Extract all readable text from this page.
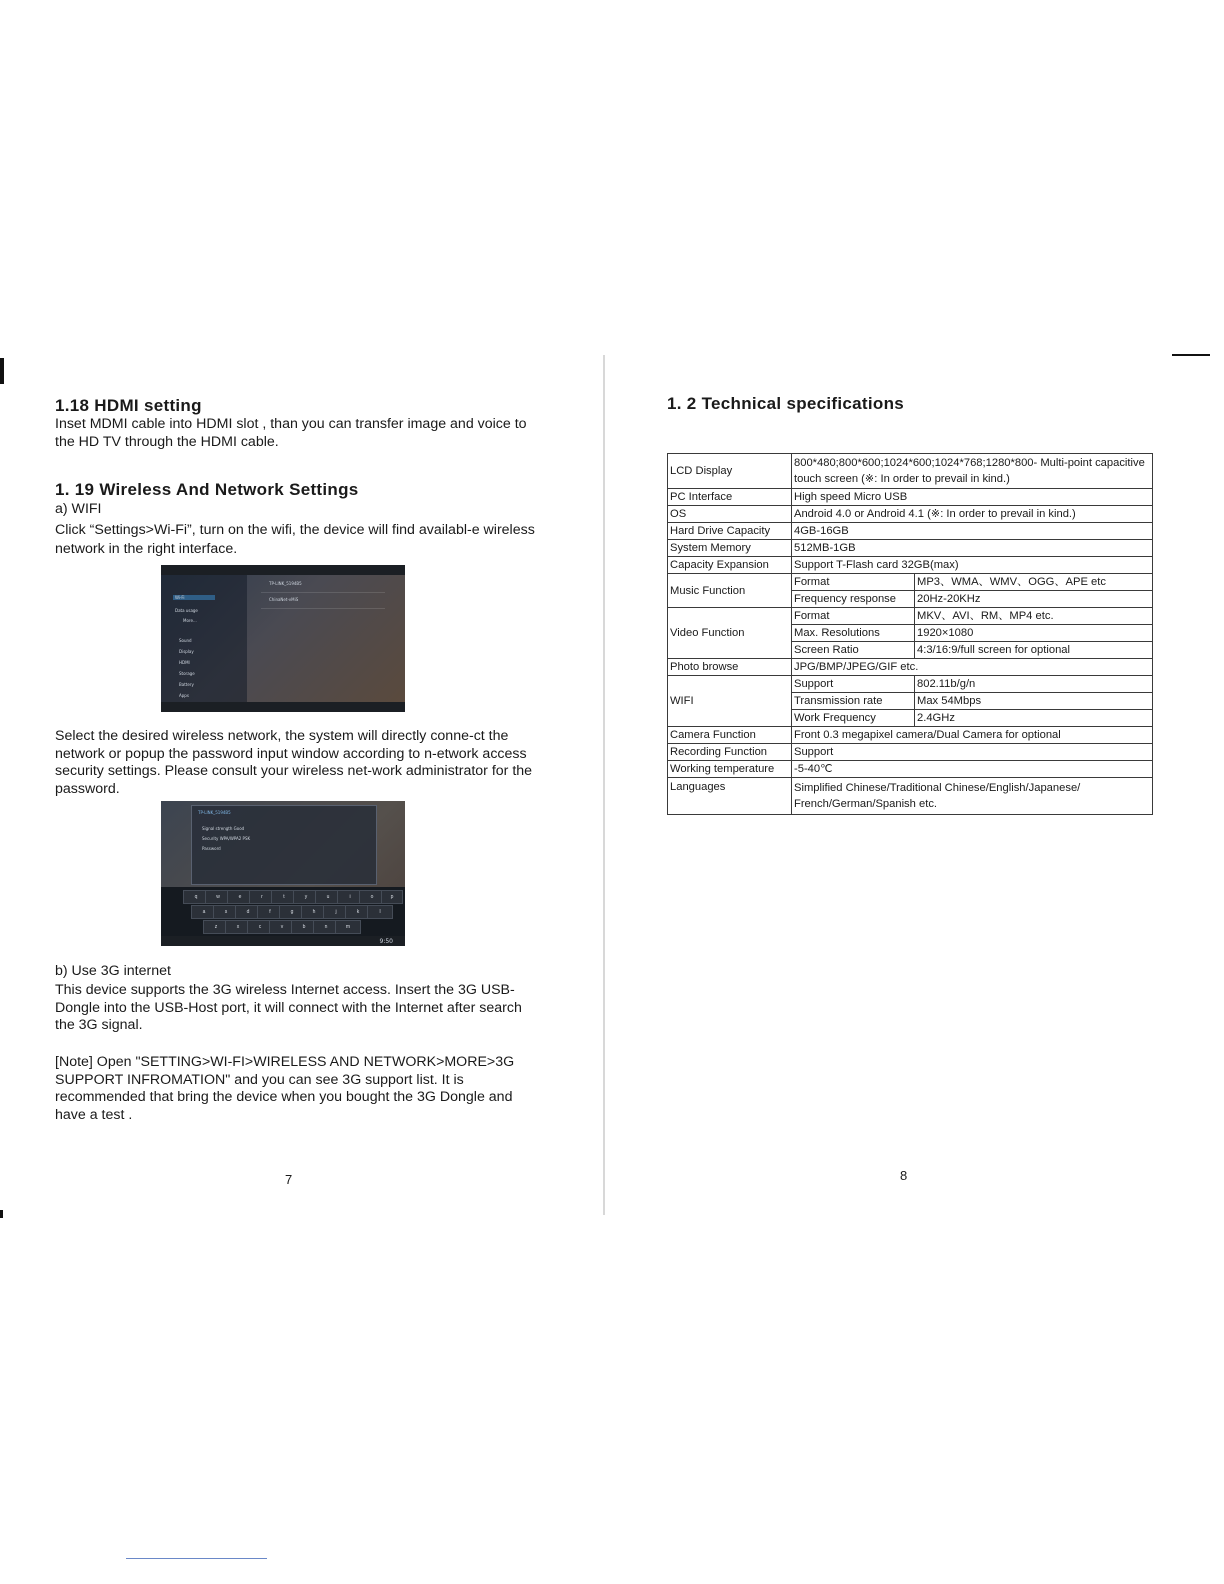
1.18 HDMI setting
Inset MDMI cable into HDMI slot , than you can transfer image and voice to the HD TV through the HDMI cable.
1. 19 Wireless And Network Settings
a) WIFI
Click “Settings>Wi-Fi”, turn on the wifi, the device will find availabl-e wireless network in the right interface.
Wi-Fi
Data usage
More...
Sound
Display
HDMI
Storage
Battery
Apps
TP-LINK_5194B5
ChinaNet-vMiS
Select the desired wireless network, the system will directly conne-ct the network or popup the password input window according to n-etwork access security settings. Please consult your wireless net-work administrator for the password.
TP-LINK_5194B5
Signal strength Good
Security WPA/WPA2 PSK
Password
q	w	e	r	t	y	u	i	o	p
a	s	d	f	g	h	j	k	l
z	x	c	v	b	n	m
9:50
b) Use 3G internet
This device supports the 3G wireless Internet access. Insert the 3G USB- Dongle into the USB-Host port, it will connect with the Internet after search the 3G signal.
[Note] Open "SETTING>WI-FI>WIRELESS AND NETWORK>MORE>3G SUPPORT INFROMATION" and you can see 3G support list. It is recommended that bring the device when you bought the 3G Dongle and have a test .
7
1. 2 Technical specifications
LCD Display	800*480;800*600;1024*600;1024*768;1280*800- Multi-point capacitive touch screen (※: In order to prevail in kind.)	
PC Interface	High speed Micro USB	
OS	Android 4.0 or Android 4.1 (※: In order to prevail in kind.)	
Hard Drive Capacity	4GB-16GB	
System Memory	512MB-1GB	
Capacity Expansion	Support T-Flash card 32GB(max)	
Music Function	Format	MP3、WMA、WMV、OGG、APE etc
	Frequency response	20Hz-20KHz
Video Function	Format	MKV、AVI、RM、MP4 etc.
	Max. Resolutions	1920×1080
	Screen Ratio	4:3/16:9/full screen for optional
Photo browse	JPG/BMP/JPEG/GIF etc.	
WIFI	Support	802.11b/g/n
	Transmission rate	Max 54Mbps
	Work Frequency	2.4GHz
Camera Function	Front 0.3 megapixel camera/Dual Camera for optional	
Recording Function	Support	
Working temperature	-5-40℃	
Languages	Simplified Chinese/Traditional Chinese/English/Japanese/ French/German/Spanish etc.	
8
